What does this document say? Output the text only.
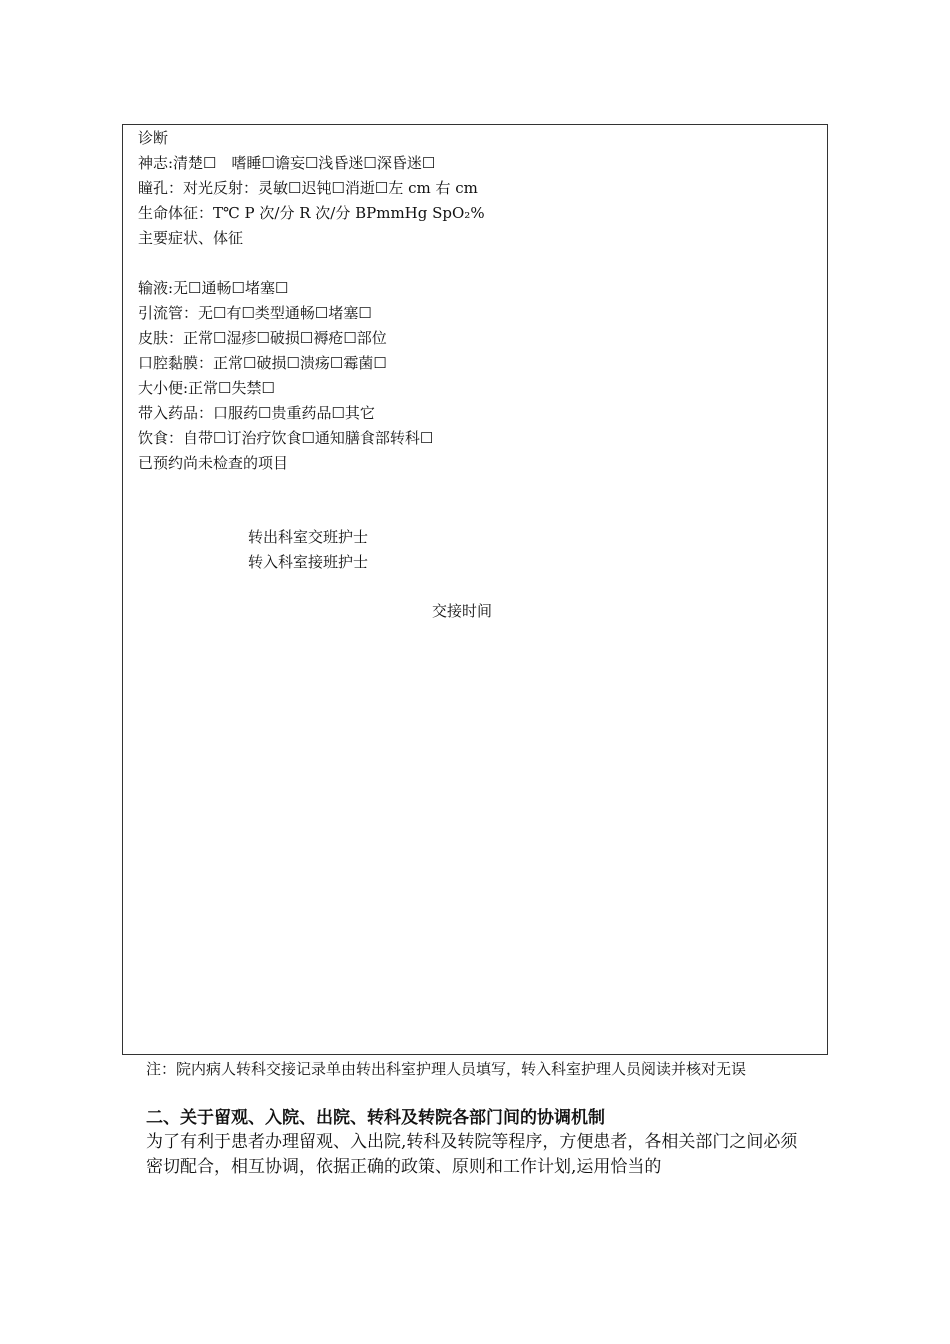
诊断
神志:清楚☐　嗜睡☐谵妄☐浅昏迷☐深昏迷☐
瞳孔：对光反射：灵敏☐迟钝☐消逝☐左 cm 右 cm
生命体征：T℃ P 次/分 R 次/分 BPmmHg SpO₂%
主要症状、体征
输液:无☐通畅☐堵塞☐
引流管：无☐有☐类型通畅☐堵塞☐
皮肤：正常☐湿疹☐破损☐褥疮☐部位
口腔黏膜：正常☐破损☐溃疡☐霉菌☐
大小便:正常☐失禁☐
带入药品：口服药☐贵重药品☐其它
饮食：自带☐订治疗饮食☐通知膳食部转科☐
已预约尚未检查的项目
转出科室交班护士
转入科室接班护士
交接时间
注：院内病人转科交接记录单由转出科室护理人员填写，转入科室护理人员阅读并核对无误
二、关于留观、入院、出院、转科及转院各部门间的协调机制
为了有利于患者办理留观、入出院,转科及转院等程序，方便患者，各相关部门之间必须密切配合，相互协调，依据正确的政策、原则和工作计划,运用恰当的
